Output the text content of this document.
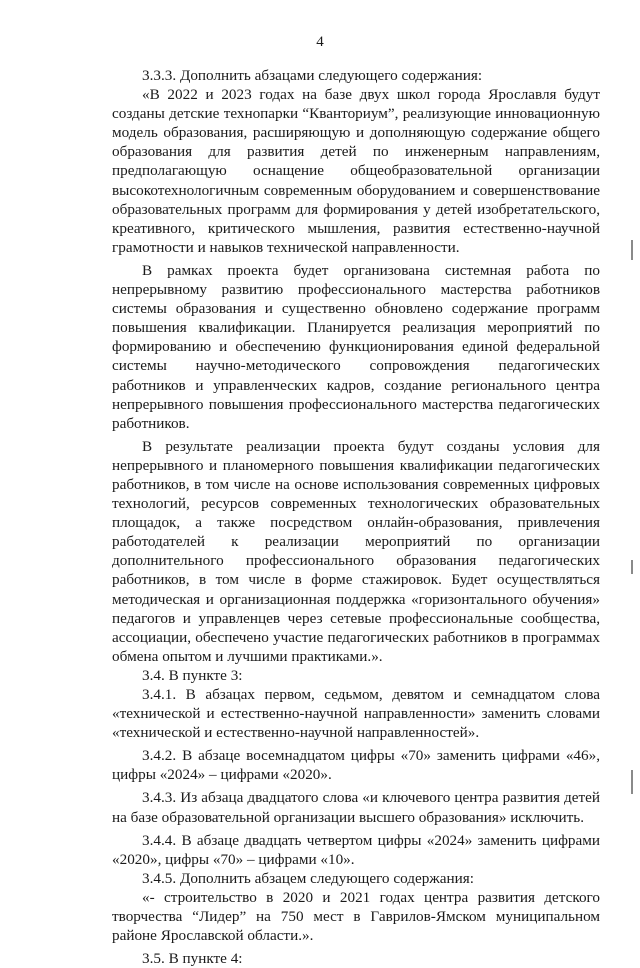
4

3.3.3. Дополнить абзацами следующего содержания:

«В 2022 и 2023 годах на базе двух школ города Ярославля будут созданы детские технопарки “Кванториум”, реализующие инновационную модель образования, расширяющую и дополняющую содержание общего образования для развития детей по инженерным направлениям, предполагающую оснащение общеобразовательной организации высокотехнологичным современным оборудованием и совершенствование образовательных программ для формирования у детей изобретательского, креативного, критического мышления, развития естественно-научной грамотности и навыков технической направленности.

В рамках проекта будет организована системная работа по непрерывному развитию профессионального мастерства работников системы образования и существенно обновлено содержание программ повышения квалификации. Планируется реализация мероприятий по формированию и обеспечению функционирования единой федеральной системы научно-методического сопровождения педагогических работников и управленческих кадров, создание регионального центра непрерывного повышения профессионального мастерства педагогических работников.

В результате реализации проекта будут созданы условия для непрерывного и планомерного повышения квалификации педагогических работников, в том числе на основе использования современных цифровых технологий, ресурсов современных технологических образовательных площадок, а также посредством онлайн-образования, привлечения работодателей к реализации мероприятий по организации дополнительного профессионального образования педагогических работников, в том числе в форме стажировок. Будет осуществляться методическая и организационная поддержка «горизонтального обучения» педагогов и управленцев через сетевые профессиональные сообщества, ассоциации, обеспечено участие педагогических работников в программах обмена опытом и лучшими практиками.».

3.4. В пункте 3:

3.4.1. В абзацах первом, седьмом, девятом и семнадцатом слова «технической и естественно-научной направленности» заменить словами «технической и естественно-научной направленностей».

3.4.2. В абзаце восемнадцатом цифры «70» заменить цифрами «46», цифры «2024» – цифрами «2020».

3.4.3. Из абзаца двадцатого слова «и ключевого центра развития детей на базе образовательной организации высшего образования» исключить.

3.4.4. В абзаце двадцать четвертом цифры «2024» заменить цифрами «2020», цифры «70» – цифрами «10».

3.4.5. Дополнить абзацем следующего содержания:

«- строительство в 2020 и 2021 годах центра развития детского творчества “Лидер” на 750 мест в Гаврилов-Ямском муниципальном районе Ярославской области.».

3.5. В пункте 4:
